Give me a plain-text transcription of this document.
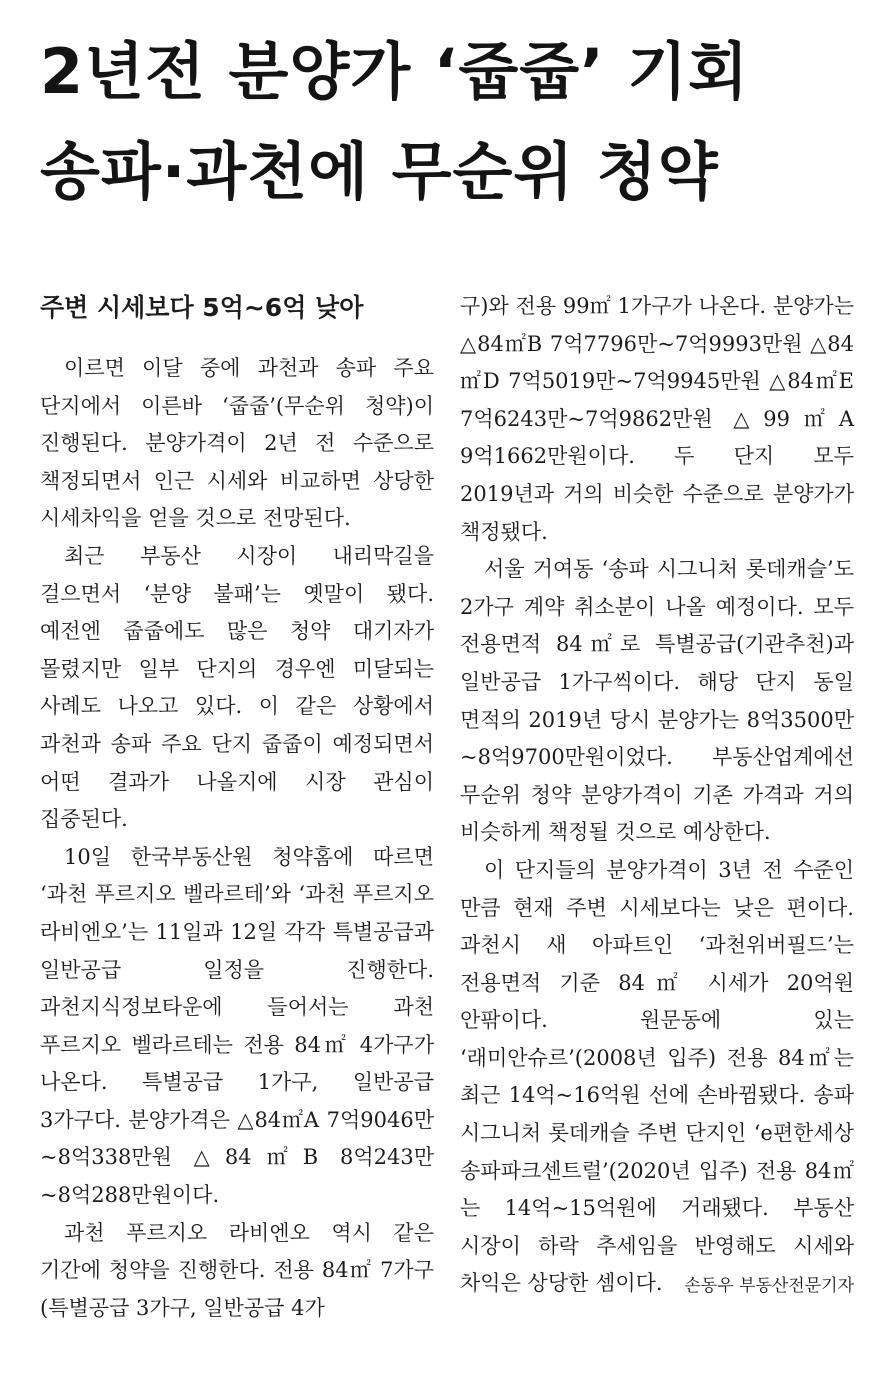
2년전 분양가 ‘줍줍’ 기회
송파·과천에 무순위 청약
주변 시세보다 5억~6억 낮아

이르면 이달 중에 과천과 송파 주요 단지에서 이른바 ‘줍줍’(무순위 청약)이 진행된다. 분양가격이 2년 전 수준으로 책정되면서 인근 시세와 비교하면 상당한 시세차익을 얻을 것으로 전망된다.

최근 부동산 시장이 내리막길을 걸으면서 ‘분양 불패’는 옛말이 됐다. 예전엔 줍줍에도 많은 청약 대기자가 몰렸지만 일부 단지의 경우엔 미달되는 사례도 나오고 있다. 이 같은 상황에서 과천과 송파 주요 단지 줍줍이 예정되면서 어떤 결과가 나올지에 시장 관심이 집중된다.

10일 한국부동산원 청약홈에 따르면 ‘과천 푸르지오 벨라르테’와 ‘과천 푸르지오 라비엔오’는 11일과 12일 각각 특별공급과 일반공급 일정을 진행한다. 과천지식정보타운에 들어서는 과천 푸르지오 벨라르테는 전용 84㎡ 4가구가 나온다. 특별공급 1가구, 일반공급 3가구다. 분양가격은 △84㎡A 7억9046만~8억338만원 △84㎡B 8억243만~8억288만원이다.

과천 푸르지오 라비엔오 역시 같은 기간에 청약을 진행한다. 전용 84㎡ 7가구(특별공급 3가구, 일반공급 4가

구)와 전용 99㎡ 1가구가 나온다. 분양가는 △84㎡B 7억7796만~7억9993만원 △84㎡D 7억5019만~7억9945만원 △84㎡E 7억6243만~7억9862만원 △99㎡A 9억1662만원이다. 두 단지 모두 2019년과 거의 비슷한 수준으로 분양가가 책정됐다.

서울 거여동 ‘송파 시그니처 롯데캐슬’도 2가구 계약 취소분이 나올 예정이다. 모두 전용면적 84㎡로 특별공급(기관추천)과 일반공급 1가구씩이다. 해당 단지 동일 면적의 2019년 당시 분양가는 8억3500만~8억9700만원이었다. 부동산업계에선 무순위 청약 분양가격이 기존 가격과 거의 비슷하게 책정될 것으로 예상한다.

이 단지들의 분양가격이 3년 전 수준인 만큼 현재 주변 시세보다는 낮은 편이다. 과천시 새 아파트인 ‘과천위버필드’는 전용면적 기준 84㎡ 시세가 20억원 안팎이다. 원문동에 있는 ‘래미안슈르’(2008년 입주) 전용 84㎡는 최근 14억~16억원 선에 손바뀜됐다. 송파 시그니처 롯데캐슬 주변 단지인 ‘e편한세상 송파파크센트럴’(2020년 입주) 전용 84㎡는 14억~15억원에 거래됐다. 부동산 시장이 하락 추세임을 반영해도 시세와 차익은 상당한 셈이다.	손동우 부동산전문기자
